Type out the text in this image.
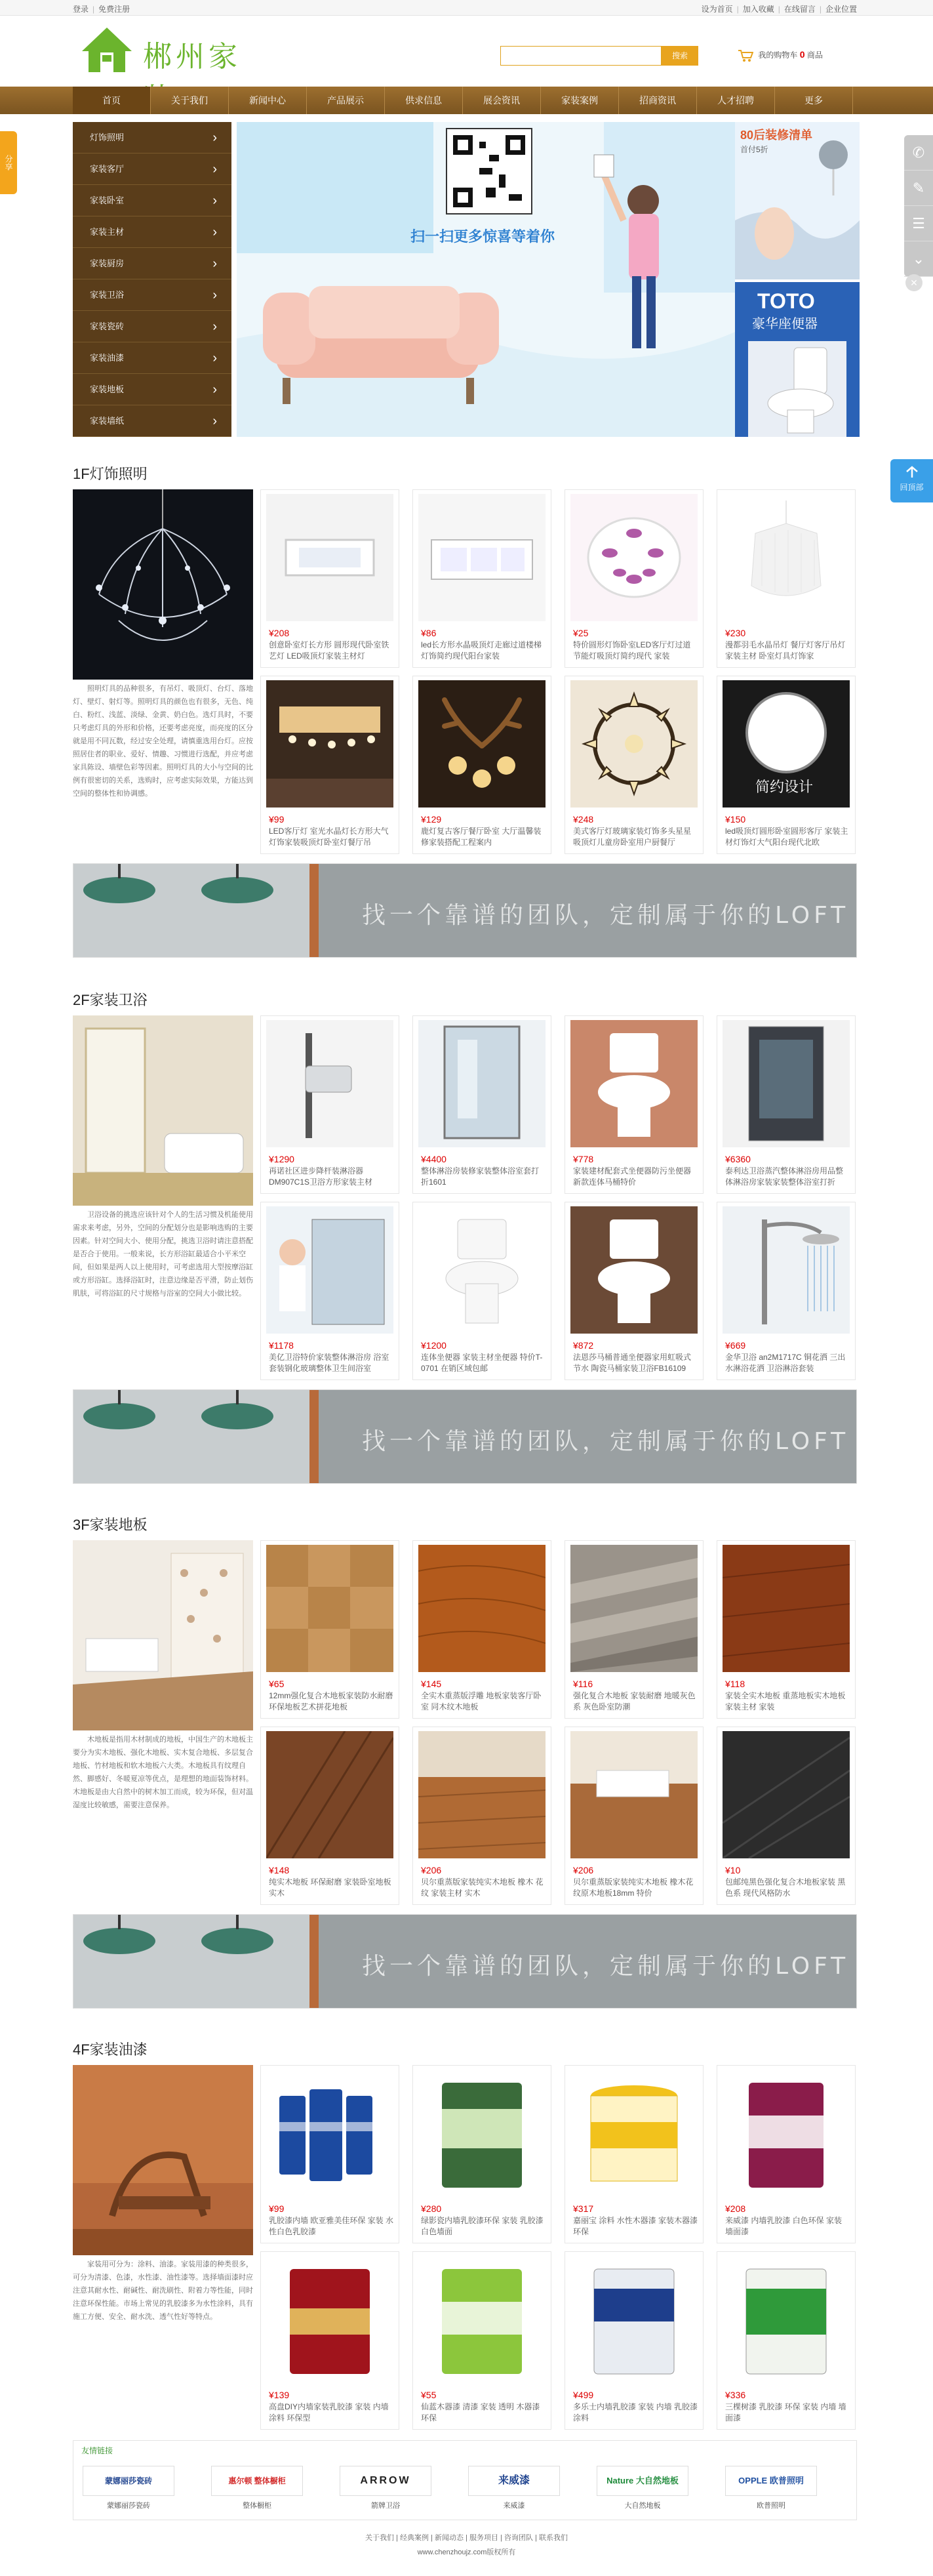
登录 | 免费注册	设为首页 | 加入收藏 | 在线留言 | 企业位置
郴州家	搜索	我的购物车 0 商品
首页	关于我们	新闻中心	产品展示	供求信息	展会资讯	家装案例	招商资讯	人才招聘	更多
分享
✆
✎
☰
⌄
✕
回顶部
灯饰照明 ›
家装客厅 ›
家装卧室 ›
家装主材 ›
家装厨房 ›
家装卫浴 ›
家装瓷砖 ›
家装油漆 ›
家装地板 ›
家装墙纸 ›
扫一扫更多惊喜等着你
80后装修清单
首付5折
TOTO
豪华座便器
1F灯饰照明
照明灯具的品种很多，有吊灯、吸顶灯、台灯、落地灯、壁灯、射灯等。照明灯具的颜色也有很多，无色、纯白、粉红、浅蓝、淡绿、金黄、奶白色。选灯具时，不要只考虑灯具的外形和价格，还要考虑亮度，而亮度的区分就是用不同瓦数，经过安全处理，请慎重选用台灯。应按照居住者的职业、爱好、情趣、习惯进行选配，并应考虑家具陈设、墙壁色彩等因素。照明灯具的大小与空间的比例有很密切的关系，选购时，应考虑实际效果，方能达到空间的整体性和协调感。
¥208
创意卧室灯长方形 圆形现代卧室铁艺灯 LED吸顶灯家装主材灯
¥86
led长方形水晶吸顶灯走廊过道楼梯灯饰简约现代阳台家装
¥25
特价圆形灯饰卧室LED客厅灯过道节能灯吸顶灯简约现代 家装
¥230
漫都羽毛水晶吊灯 餐厅灯客厅吊灯 家装主材 卧室灯具灯饰家
¥99
LED客厅灯 室光水晶灯长方形大气灯饰家装吸顶灯卧室灯餐厅吊
¥129
鹿灯复古客厅餐厅卧室 大厅温馨装修家装搭配工程案内
¥248
美式客厅灯玻璃家装灯饰多头星星吸顶灯儿童房卧室用户厨餐厅
简约设计
¥150
led吸顶灯圆形卧室圆形客厅 家装主材灯饰灯大气阳台现代北欧
找一个靠谱的团队，定制属于你的LOFT
2F家装卫浴
卫浴设备的挑选应该针对个人的生活习惯及机能使用需求来考虑，另外，空间的分配划分也是影响选购的主要因素。针对空间大小、使用分配，挑选卫浴时请注意搭配是否合于使用。一般来说，长方形浴缸最适合小平米空间，但如果是两人以上使用时，可考虑选用大型按摩浴缸或方形浴缸。选择浴缸时，注意边缘是否平滑，防止划伤肌肤，可将浴缸的尺寸规格与浴室的空间大小做比较。
¥1290
再诺社区进步降杆装淋浴器 DM907C1S卫浴方形家装主材
¥4400
整体淋浴房装修家装整体浴室套打折1601
¥778
家装建材配套式坐便器防污坐便器 新款连体马桶特价
¥6360
泰利达卫浴蒸汽整体淋浴房用品整体淋浴房家装家装整体浴室打折
¥1178
美亿卫浴特价家装整体淋浴房 浴室套装钢化玻璃整体卫生间浴室
¥1200
连体坐便器 家装主材坐便器 特价T-0701 在销区域包邮
¥872
法恩莎马桶普通坐便器家用虹吸式节水 陶瓷马桶家装卫浴FB16109
¥669
金华卫浴 an2M1717C 铜花洒 三出水淋浴花洒 卫浴淋浴套装
找一个靠谱的团队，定制属于你的LOFT
3F家装地板
木地板是指用木材制成的地板，中国生产的木地板主要分为实木地板、强化木地板、实木复合地板、多层复合地板、竹材地板和软木地板六大类。木地板具有纹理自然、脚感好、冬暖夏凉等优点，是理想的地面装饰材料。木地板是由大自然中的树木加工而成，较为环保，但对温湿度比较敏感，需要注意保养。
¥65
12mm强化复合木地板家装防水耐磨环保地板艺术拼花地板
¥145
全实木重蒸版浮雕 地板家装客厅卧室 同木纹木地板
¥116
强化复合木地板 家装耐磨 地暖灰色系 灰色卧室防潮
¥118
家装全实木地板 重蒸地板实木地板 家装主材 家装
¥148
纯实木地板 环保耐磨 家装卧室地板 实木
¥206
贝尔重蒸版家装纯实木地板 橡木 花纹 家装主材 实木
¥206
贝尔重蒸版家装纯实木地板 橡木花纹原木地板18mm 特价
¥10
包邮纯黑色强化复合木地板家装 黑色系 现代风格防水
找一个靠谱的团队，定制属于你的LOFT
4F家装油漆
家装用可分为：涂料、油漆。家装用漆的种类很多，可分为清漆、色漆，水性漆、油性漆等。选择墙面漆时应注意其耐水性、耐碱性、耐洗刷性、附着力等性能，同时注意环保性能。市场上常见的乳胶漆多为水性涂料，具有施工方便、安全、耐水洗、透气性好等特点。
¥99
乳胶漆内墙 欧亚雅美佳环保 家装 水性白色乳胶漆
¥280
绿影瓷内墙乳胶漆环保 家装 乳胶漆白色墙面
¥317
嘉丽宝 涂料 水性木器漆 家装木器漆 环保
¥208
来威漆 内墙乳胶漆 白色环保 家装 墙面漆
¥139
高盘DIY内墙家装乳胶漆 家装 内墙涂料 环保型
¥55
仙蓝木器漆 清漆 家装 透明 木器漆 环保
¥499
多乐士内墙乳胶漆 家装 内墙 乳胶漆 涂料
¥336
三棵树漆 乳胶漆 环保 家装 内墙 墙面漆
友情链接
蒙娜丽莎瓷砖
蒙娜丽莎瓷砖
惠尔顿 整体橱柜
整体橱柜
ARROW
箭牌卫浴
来威漆
来威漆
Nature 大自然地板
大自然地板
OPPLE 欧普照明
欧普照明
关于我们 | 经典案例 | 新闻动态 | 服务项目 | 咨询团队 | 联系我们
www.chenzhoujz.com版权所有
